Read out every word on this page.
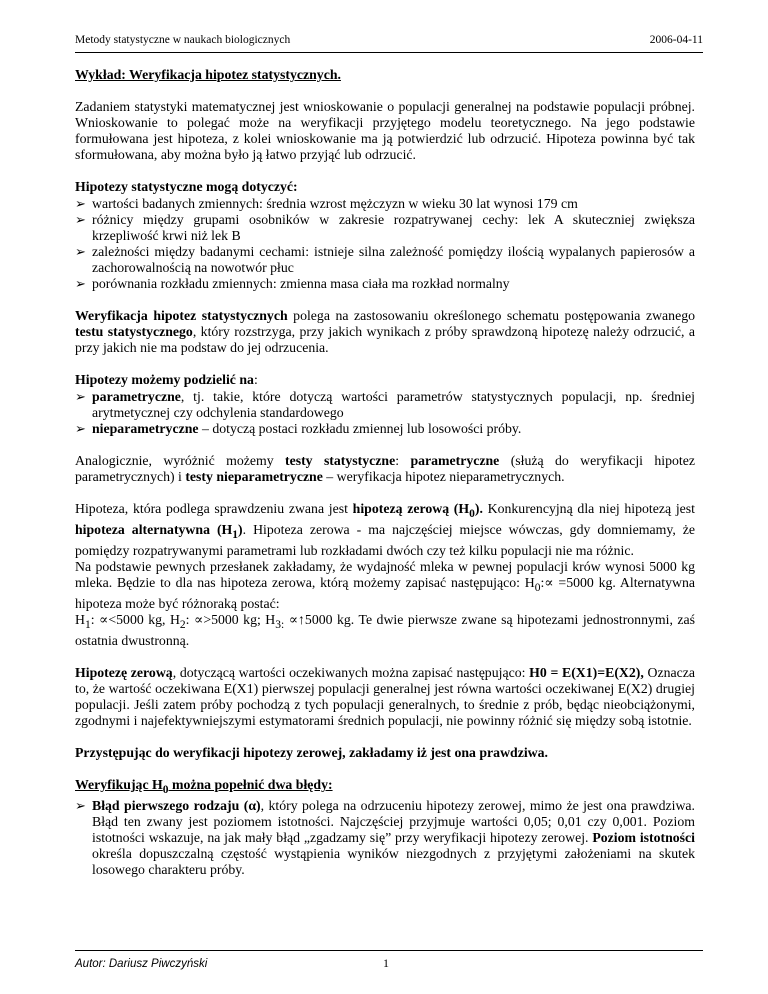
Metody statystyczne w naukach biologicznych	2006-04-11

Wykład: Weryfikacja hipotez statystycznych.

Zadaniem statystyki matematycznej jest wnioskowanie o populacji generalnej na podstawie populacji próbnej. Wnioskowanie to polegać może na weryfikacji przyjętego modelu teoretycznego. Na jego podstawie formułowana jest hipoteza, z kolei wnioskowanie ma ją potwierdzić lub odrzucić. Hipoteza powinna być tak sformułowana, aby można było ją łatwo przyjąć lub odrzucić.

Hipotezy statystyczne mogą dotyczyć:

➢ wartości badanych zmiennych: średnia wzrost mężczyzn w wieku 30 lat wynosi 179 cm
➢ różnicy między grupami osobników w zakresie rozpatrywanej cechy: lek A skuteczniej zwiększa krzepliwość krwi niż lek B
➢ zależności między badanymi cechami: istnieje silna zależność pomiędzy ilością wypalanych papierosów a zachorowalnością na nowotwór płuc
➢ porównania rozkładu zmiennych: zmienna masa ciała ma rozkład normalny

Weryfikacja hipotez statystycznych polega na zastosowaniu określonego schematu postępowania zwanego testu statystycznego, który rozstrzyga, przy jakich wynikach z próby sprawdzoną hipotezę należy odrzucić, a przy jakich nie ma podstaw do jej odrzucenia.

Hipotezy możemy podzielić na:

➢ parametryczne, tj. takie, które dotyczą wartości parametrów statystycznych populacji, np. średniej arytmetycznej czy odchylenia standardowego
➢ nieparametryczne – dotyczą postaci rozkładu zmiennej lub losowości próby.

Analogicznie, wyróżnić możemy testy statystyczne: parametryczne (służą do weryfikacji hipotez parametrycznych) i testy nieparametryczne – weryfikacja hipotez nieparametrycznych.

Hipoteza, która podlega sprawdzeniu zwana jest hipotezą zerową $(H_0)$. Konkurencyjną dla niej hipotezą jest hipoteza alternatywna $(H_1)$. Hipoteza zerowa - ma najczęściej miejsce wówczas, gdy domniemamy, że pomiędzy rozpatrywanymi parametrami lub rozkładami dwóch czy też kilku populacji nie ma różnic.

Na podstawie pewnych przesłanek zakładamy, że wydajność mleka w pewnej populacji krów wynosi 5000 kg mleka. Będzie to dla nas hipoteza zerowa, którą możemy zapisać następująco: $H_0:\propto =5000$ kg. Alternatywna hipoteza może być różnoraką postać:

$H_1$: ∝<5000 kg, $H_2$: ∝>5000 kg; $H_{3:}$ ∝↑5000 kg. Te dwie pierwsze zwane są hipotezami jednostronnymi, zaś ostatnia dwustronną.

Hipotezę zerową, dotyczącą wartości oczekiwanych można zapisać następująco: H0 = E(X1)=E(X2), Oznacza to, że wartość oczekiwana E(X1) pierwszej populacji generalnej jest równa wartości oczekiwanej E(X2) drugiej populacji. Jeśli zatem próby pochodzą z tych populacji generalnych, to średnie z prób, będąc nieobciążonymi, zgodnymi i najefektywniejszymi estymatorami średnich populacji, nie powinny różnić się między sobą istotnie.

Przystępując do weryfikacji hipotezy zerowej, zakładamy iż jest ona prawdziwa.

Weryfikując $H_0$ można popełnić dwa błędy:

➢ Błąd pierwszego rodzaju (α), który polega na odrzuceniu hipotezy zerowej, mimo że jest ona prawdziwa. Błąd ten zwany jest poziomem istotności. Najczęściej przyjmuje wartości 0,05; 0,01 czy 0,001. Poziom istotności wskazuje, na jak mały błąd „zgadzamy się” przy weryfikacji hipotezy zerowej. Poziom istotności określa dopuszczalną częstość wystąpienia wyników niezgodnych z przyjętymi założeniami na skutek losowego charakteru próby.
Autor: Dariusz Piwczyński	1
